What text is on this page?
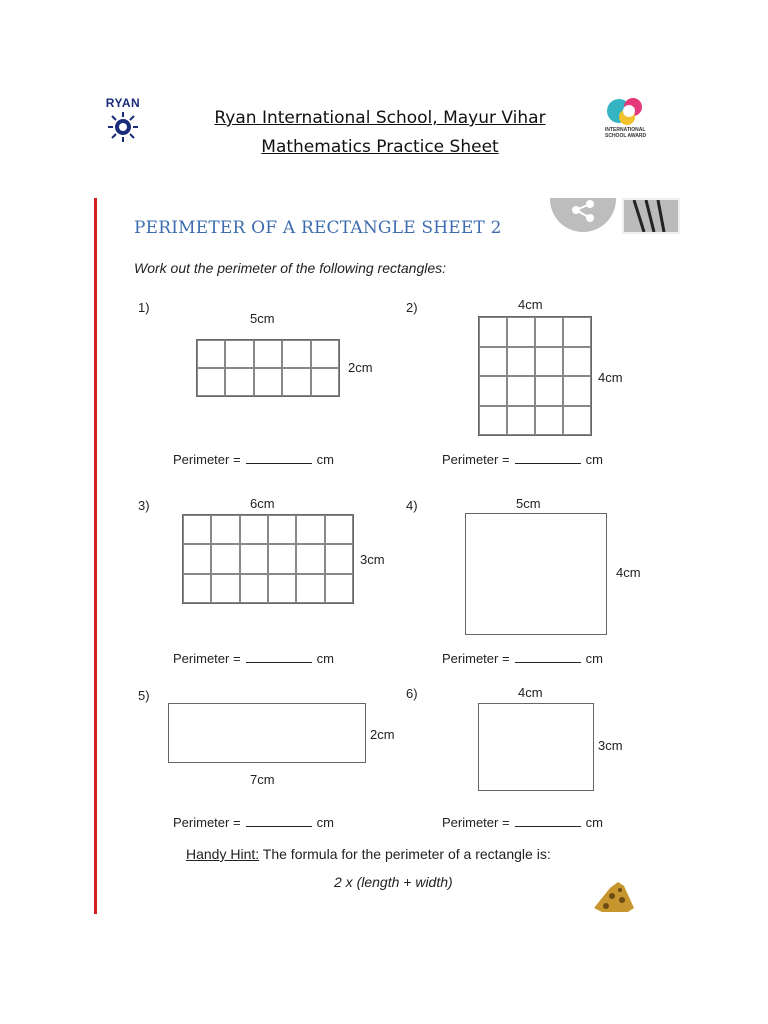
RYAN
Ryan International School, Mayur Vihar
Mathematics Practice Sheet
INTERNATIONAL SCHOOL AWARD
PERIMETER OF A RECTANGLE SHEET 2
Work out the perimeter of the following rectangles:
1)
5cm
2cm
Perimeter =	cm
2)	4cm
4cm
Perimeter =	cm
3)	6cm
3cm
Perimeter =	cm
4)	5cm
4cm
Perimeter =	cm
5)
2cm
7cm
Perimeter =	cm
6)	4cm
3cm
Perimeter =	cm
Handy Hint: The formula for the perimeter of a rectangle is:
2 x (length + width)
